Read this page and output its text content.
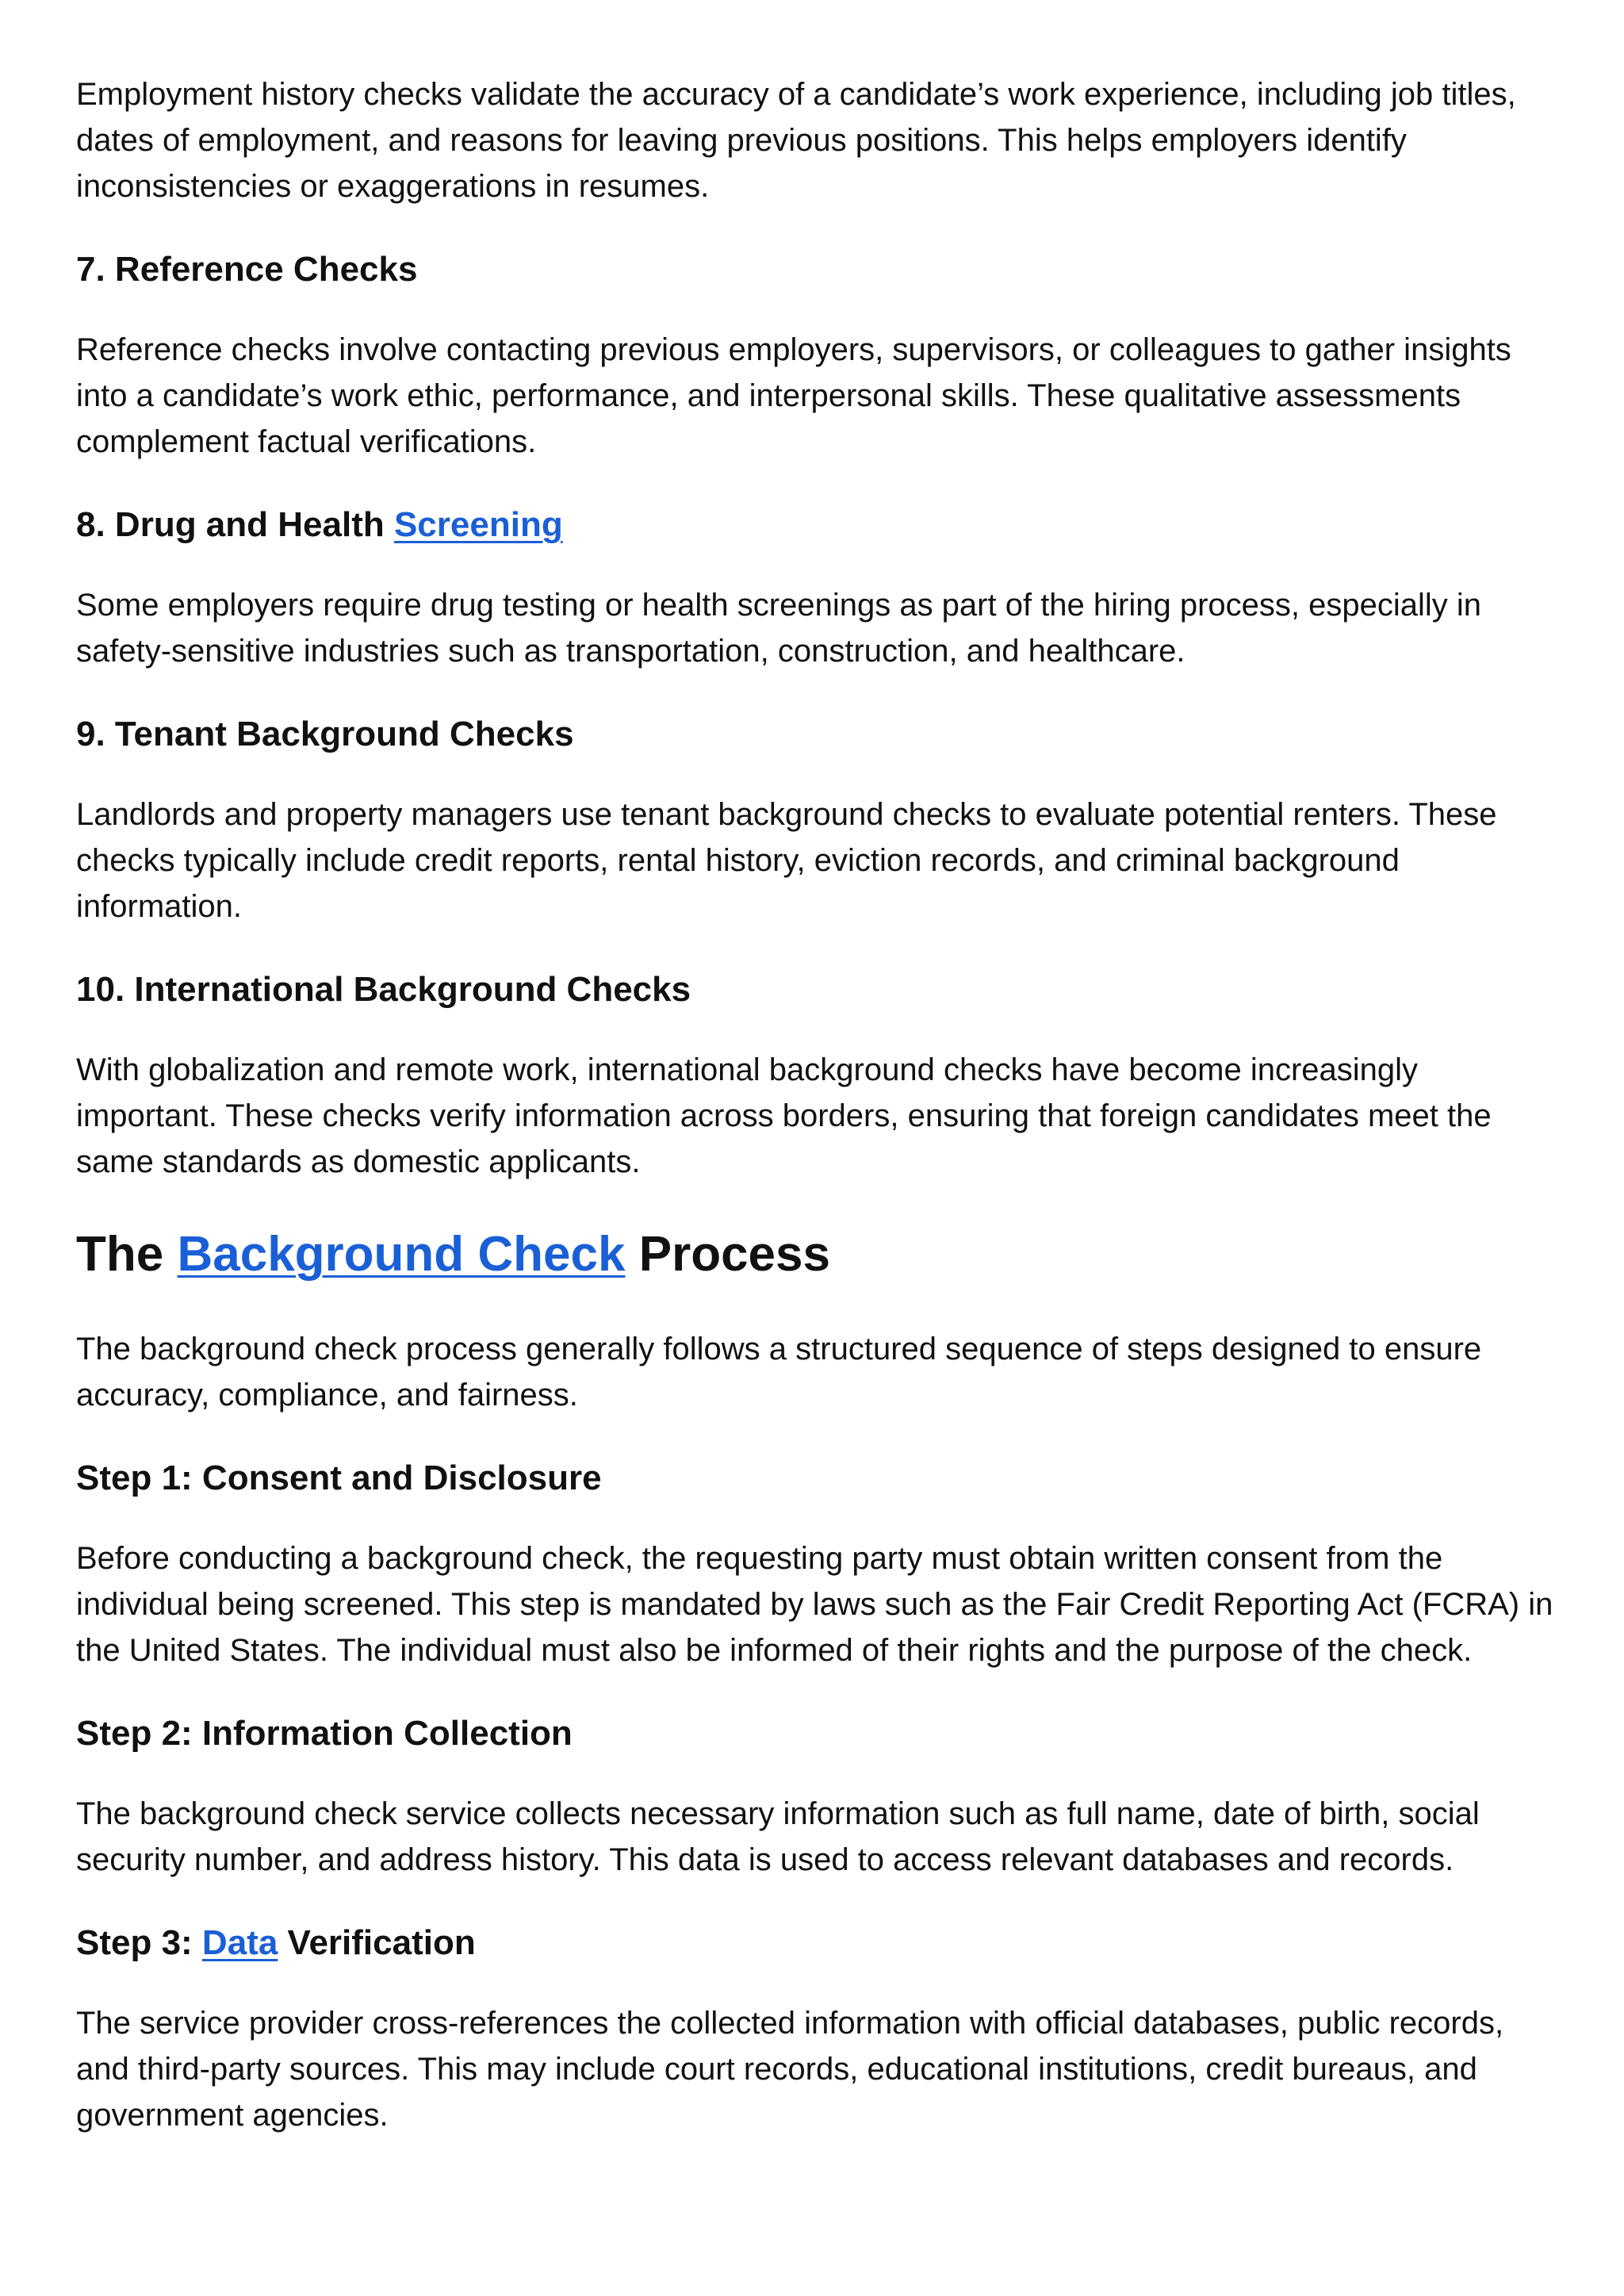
Employment history checks validate the accuracy of a candidate’s work experience, including job titles, dates of employment, and reasons for leaving previous positions. This helps employers identify inconsistencies or exaggerations in resumes.

7. Reference Checks

Reference checks involve contacting previous employers, supervisors, or colleagues to gather insights into a candidate’s work ethic, performance, and interpersonal skills. These qualitative assessments complement factual verifications.

8. Drug and Health Screening

Some employers require drug testing or health screenings as part of the hiring process, especially in safety-sensitive industries such as transportation, construction, and healthcare.

9. Tenant Background Checks

Landlords and property managers use tenant background checks to evaluate potential renters. These checks typically include credit reports, rental history, eviction records, and criminal background information.

10. International Background Checks

With globalization and remote work, international background checks have become increasingly important. These checks verify information across borders, ensuring that foreign candidates meet the same standards as domestic applicants.

The Background Check Process

The background check process generally follows a structured sequence of steps designed to ensure accuracy, compliance, and fairness.

Step 1: Consent and Disclosure

Before conducting a background check, the requesting party must obtain written consent from the individual being screened. This step is mandated by laws such as the Fair Credit Reporting Act (FCRA) in the United States. The individual must also be informed of their rights and the purpose of the check.

Step 2: Information Collection

The background check service collects necessary information such as full name, date of birth, social security number, and address history. This data is used to access relevant databases and records.

Step 3: Data Verification

The service provider cross-references the collected information with official databases, public records, and third-party sources. This may include court records, educational institutions, credit bureaus, and government agencies.
